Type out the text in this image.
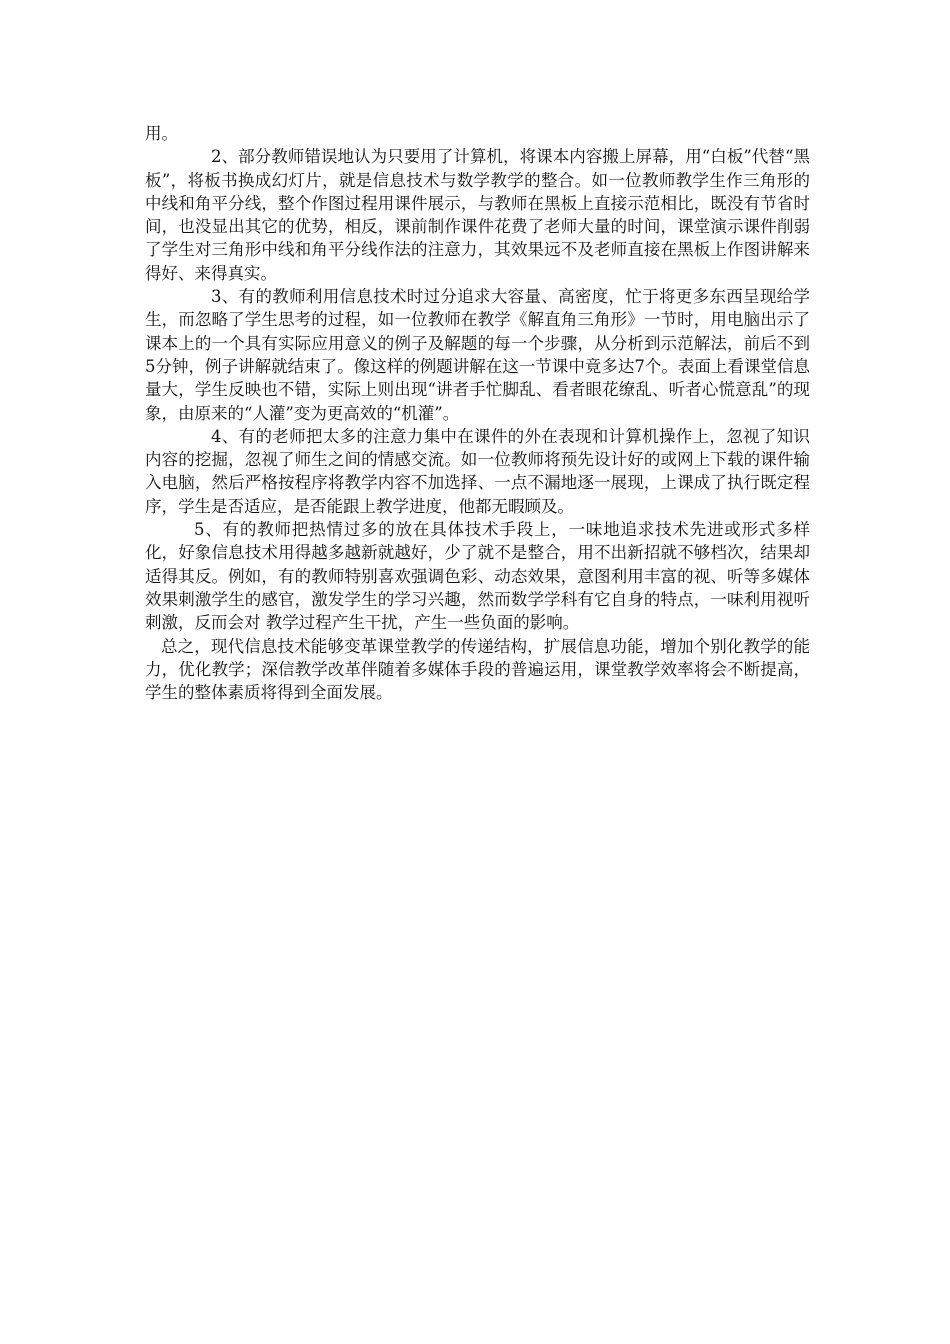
用。

2、部分教师错误地认为只要用了计算机，将课本内容搬上屏幕，用“白板”代替“黑板”，将板书换成幻灯片，就是信息技术与数学教学的整合。如一位教师教学生作三角形的中线和角平分线，整个作图过程用课件展示，与教师在黑板上直接示范相比，既没有节省时间，也没显出其它的优势，相反，课前制作课件花费了老师大量的时间，课堂演示课件削弱了学生对三角形中线和角平分线作法的注意力，其效果远不及老师直接在黑板上作图讲解来得好、来得真实。

3、有的教师利用信息技术时过分追求大容量、高密度，忙于将更多东西呈现给学生，而忽略了学生思考的过程，如一位教师在教学《解直角三角形》一节时，用电脑出示了课本上的一个具有实际应用意义的例子及解题的每一个步骤，从分析到示范解法，前后不到5分钟，例子讲解就结束了。像这样的例题讲解在这一节课中竟多达7个。表面上看课堂信息量大，学生反映也不错，实际上则出现“讲者手忙脚乱、看者眼花缭乱、听者心慌意乱”的现象，由原来的“人灌”变为更高效的“机灌”。

4、有的老师把太多的注意力集中在课件的外在表现和计算机操作上，忽视了知识内容的挖掘，忽视了师生之间的情感交流。如一位教师将预先设计好的或网上下载的课件输入电脑，然后严格按程序将教学内容不加选择、一点不漏地逐一展现，上课成了执行既定程序，学生是否适应，是否能跟上教学进度，他都无暇顾及。

5、有的教师把热情过多的放在具体技术手段上，一味地追求技术先进或形式多样化，好象信息技术用得越多越新就越好，少了就不是整合，用不出新招就不够档次，结果却适得其反。例如，有的教师特别喜欢强调色彩、动态效果，意图利用丰富的视、听等多媒体效果刺激学生的感官，激发学生的学习兴趣，然而数学学科有它自身的特点，一味利用视听刺激，反而会对 教学过程产生干扰，产生一些负面的影响。

总之，现代信息技术能够变革课堂教学的传递结构，扩展信息功能，增加个别化教学的能力，优化教学；深信教学改革伴随着多媒体手段的普遍运用，课堂教学效率将会不断提高，学生的整体素质将得到全面发展。
